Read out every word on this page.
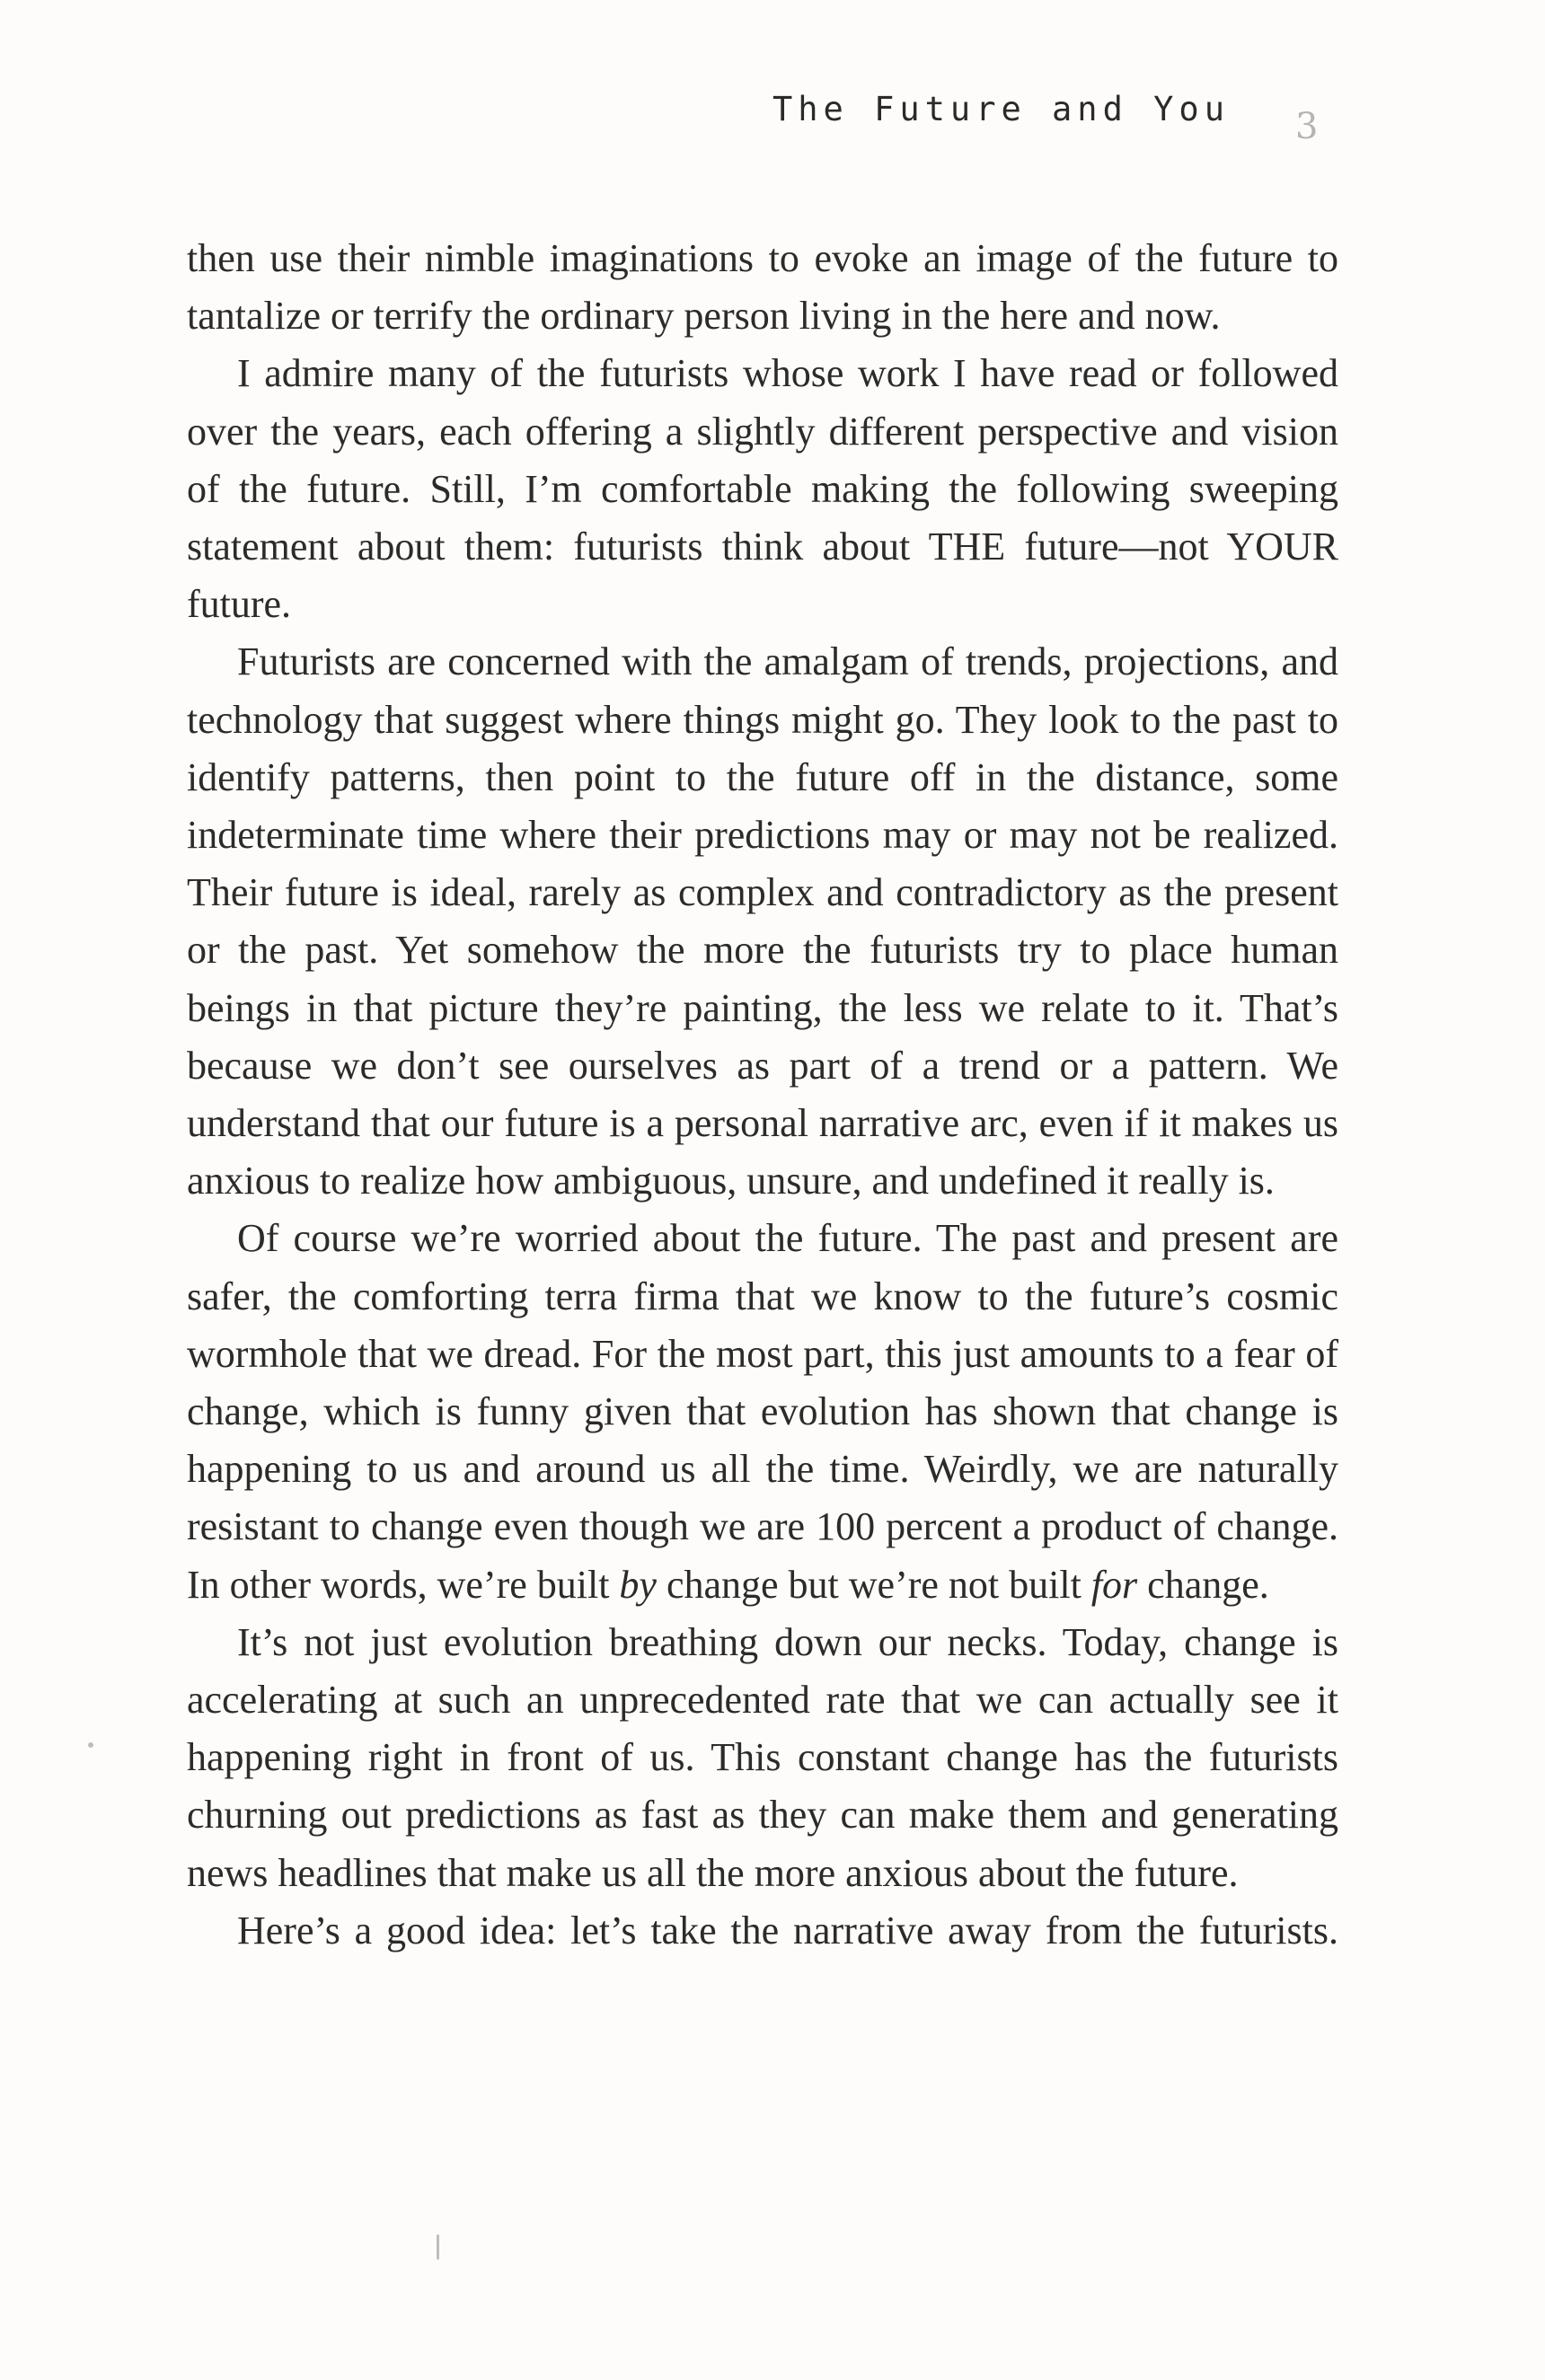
The Future and You 3

then use their nimble imaginations to evoke an image of the future to tantalize or terrify the ordinary person living in the here and now.

I admire many of the futurists whose work I have read or followed over the years, each offering a slightly different perspective and vision of the future. Still, I’m comfortable making the following sweeping statement about them: futurists think about THE future—not YOUR future.

Futurists are concerned with the amalgam of trends, projections, and technology that suggest where things might go. They look to the past to identify patterns, then point to the future off in the distance, some indeterminate time where their predictions may or may not be realized. Their future is ideal, rarely as complex and contradictory as the present or the past. Yet somehow the more the futurists try to place human beings in that picture they’re painting, the less we relate to it. That’s because we don’t see ourselves as part of a trend or a pattern. We understand that our future is a personal narrative arc, even if it makes us anxious to realize how ambiguous, unsure, and undefined it really is.

Of course we’re worried about the future. The past and present are safer, the comforting terra firma that we know to the future’s cosmic wormhole that we dread. For the most part, this just amounts to a fear of change, which is funny given that evolution has shown that change is happening to us and around us all the time. Weirdly, we are naturally resistant to change even though we are 100 percent a product of change. In other words, we’re built by change but we’re not built for change.

It’s not just evolution breathing down our necks. Today, change is accelerating at such an unprecedented rate that we can actually see it happening right in front of us. This constant change has the futurists churning out predictions as fast as they can make them and generating news headlines that make us all the more anxious about the future.

Here’s a good idea: let’s take the narrative away from the futurists.
